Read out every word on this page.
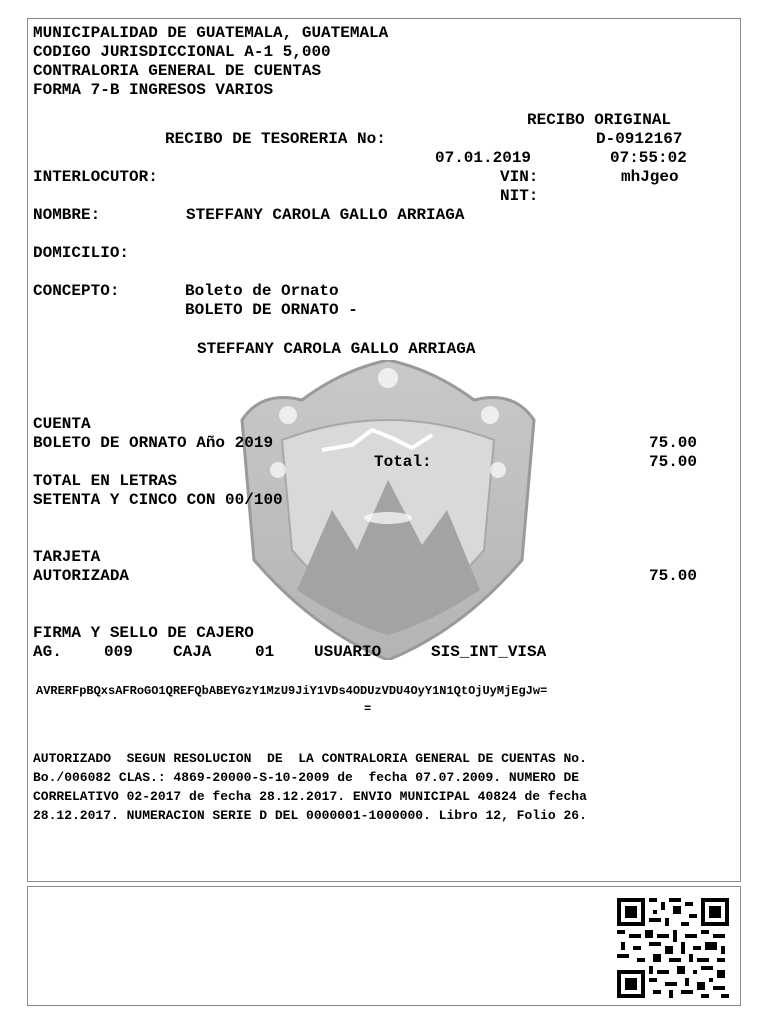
MUNICIPALIDAD DE GUATEMALA, GUATEMALA
CODIGO JURISDICCIONAL A-1 5,000
CONTRALORIA GENERAL DE CUENTAS
FORMA 7-B INGRESOS VARIOS
RECIBO ORIGINAL
RECIBO DE TESORERIA No:	D-0912167
07.01.2019	07:55:02
INTERLOCUTOR:	VIN:	mhJgeo
NIT:
NOMBRE:	STEFFANY CAROLA GALLO ARRIAGA
DOMICILIO:
CONCEPTO:	Boleto de Ornato
BOLETO DE ORNATO -
STEFFANY CAROLA GALLO ARRIAGA
CUENTA
BOLETO DE ORNATO Año 2019	75.00
Total:	75.00
TOTAL EN LETRAS
SETENTA Y CINCO CON 00/100
TARJETA
AUTORIZADA	75.00
FIRMA Y SELLO DE CAJERO
AG.	009	CAJA	01 USUARIO	SIS_INT_VISA
AVRERFpBQxsAFRoGO1QREFQbABEYGzY1MzU9JiY1VDs4ODUzVDU4OyY1N1QtOjUyMjEgJw=
=
AUTORIZADO  SEGUN RESOLUCION  DE  LA CONTRALORIA GENERAL DE CUENTAS No.
Bo./006082 CLAS.: 4869-20000-S-10-2009 de  fecha 07.07.2009. NUMERO DE
CORRELATIVO 02-2017 de fecha 28.12.2017. ENVIO MUNICIPAL 40824 de fecha
28.12.2017. NUMERACION SERIE D DEL 0000001-1000000. Libro 12, Folio 26.
